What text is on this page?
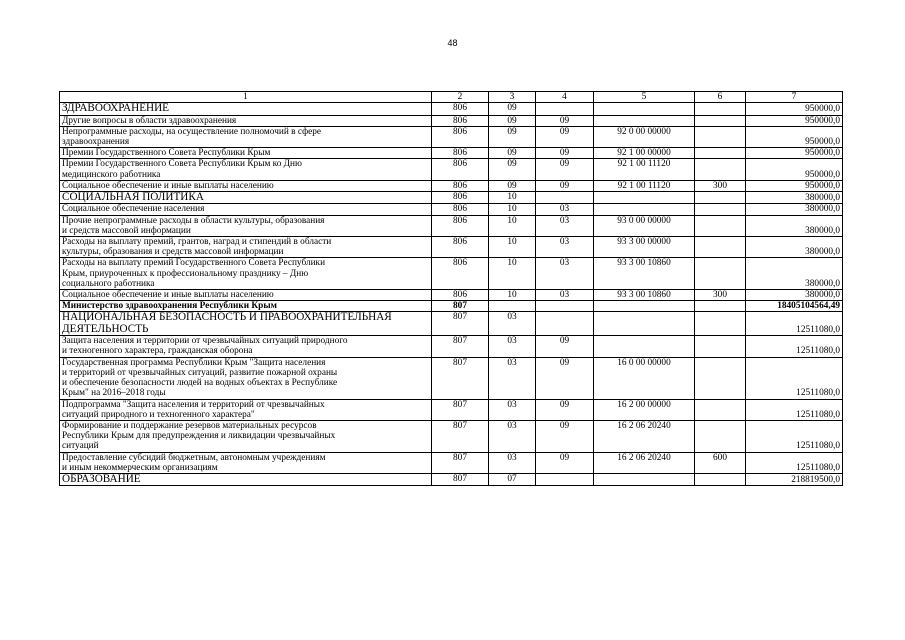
48
1	2	3	4	5	6	7
ЗДРАВООХРАНЕНИЕ	806	09				950000,0
Другие вопросы в области здравоохранения	806	09	09			950000,0
Непрограммные расходы, на осуществление полномочий в сфере
здравоохранения	806	09	09	92 0 00 00000		950000,0
Премии Государственного Совета Республики Крым	806	09	09	92 1 00 00000		950000,0
Премии Государственного Совета Республики Крым ко Дню
медицинского работника	806	09	09	92 1 00 11120		950000,0
Социальное обеспечение и иные выплаты населению	806	09	09	92 1 00 11120	300	950000,0
СОЦИАЛЬНАЯ ПОЛИТИКА	806	10				380000,0
Социальное обеспечение населения	806	10	03			380000,0
Прочие непрограммные расходы в области культуры, образования
и средств массовой информации	806	10	03	93 0 00 00000		380000,0
Расходы на выплату премий, грантов, наград и стипендий в области
культуры, образования и средств массовой информации	806	10	03	93 3 00 00000		380000,0
Расходы на выплату премий Государственного Совета Республики
Крым, приуроченных к профессиональному празднику – Дню
социального работника	806	10	03	93 3 00 10860		380000,0
Социальное обеспечение и иные выплаты населению	806	10	03	93 3 00 10860	300	380000,0
Министерство здравоохранения Республики Крым	807					18405104564,49
НАЦИОНАЛЬНАЯ БЕЗОПАСНОСТЬ И ПРАВООХРАНИТЕЛЬНАЯ
ДЕЯТЕЛЬНОСТЬ	807	03				12511080,0
Защита населения и территории от чрезвычайных ситуаций природного
и техногенного характера, гражданская оборона	807	03	09			12511080,0
Государственная программа Республики Крым "Защита населения
и территорий от чрезвычайных ситуаций, развитие пожарной охраны
и обеспечение безопасности людей на водных объектах в Республике
Крым" на 2016–2018 годы	807	03	09	16 0 00 00000		12511080,0
Подпрограмма "Защита населения и территорий от чрезвычайных
ситуаций природного и техногенного характера"	807	03	09	16 2 00 00000		12511080,0
Формирование и поддержание резервов материальных ресурсов
Республики Крым для предупреждения и ликвидации чрезвычайных
ситуаций	807	03	09	16 2 06 20240		12511080,0
Предоставление субсидий бюджетным, автономным учреждениям
и иным некоммерческим организациям	807	03	09	16 2 06 20240	600	12511080,0
ОБРАЗОВАНИЕ	807	07				218819500,0
